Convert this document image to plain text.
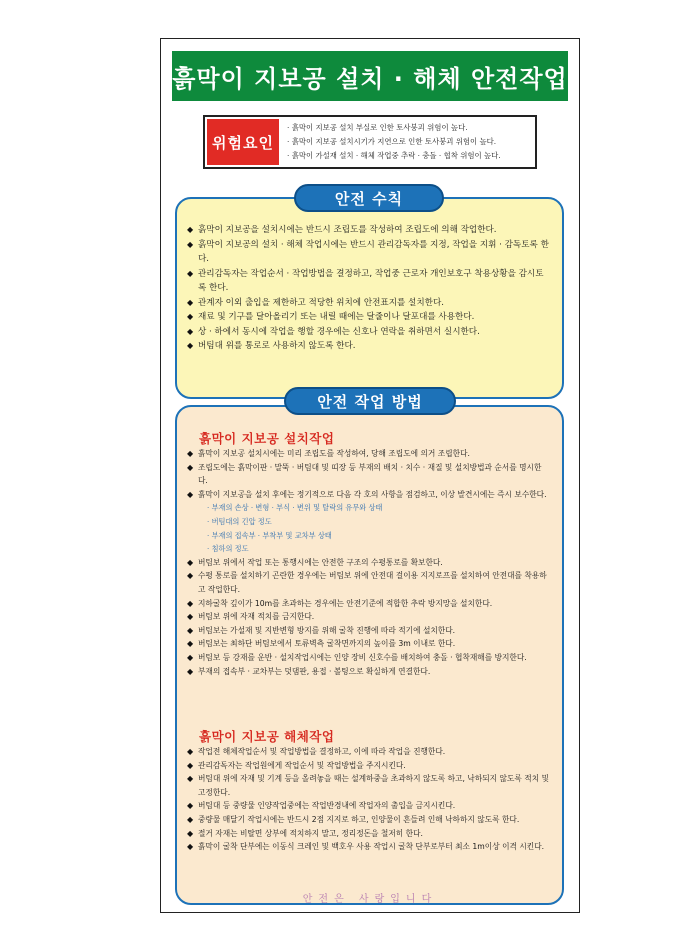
흙막이 지보공 설치 · 해체 안전작업
위험요인
· 흙막이 지보공 설치 부실로 인한 토사붕괴 위험이 높다.
· 흙막이 지보공 설치시기가 지연으로 인한 토사붕괴 위험이 높다.
· 흙막이 가설재 설치 · 해체 작업중 추락 · 충돌 · 협착 위험이 높다.
안전 수칙
◆ 흙막이 지보공을 설치시에는 반드시 조립도를 작성하여 조립도에 의해 작업한다.
◆ 흙막이 지보공의 설치 · 해체 작업시에는 반드시 관리감독자를 지정, 작업을 지휘 · 감독토록 한다.
◆ 관리감독자는 작업순서 · 작업방법을 결정하고, 작업중 근로자 개인보호구 착용상황을 감시토록 한다.
◆ 관계자 이외 출입을 제한하고 적당한 위치에 안전표지를 설치한다.
◆ 재료 및 기구를 달아올리기 또는 내릴 때에는 달줄이나 달포대를 사용한다.
◆ 상 · 하에서 동시에 작업을 행할 경우에는 신호나 연락을 취하면서 실시한다.
◆ 버팀대 위를 통로로 사용하지 않도록 한다.
안전 작업 방법
흙막이 지보공 설치작업
◆ 흙막이 지보공 설치시에는 미리 조립도를 작성하여, 당해 조립도에 의거 조립한다.
◆ 조립도에는 흙막이판 · 말뚝 · 버팀대 및 띠장 등 부재의 배치 · 치수 · 재질 및 설치방법과 순서를 명시한다.
◆ 흙막이 지보공을 설치 후에는 정기적으로 다음 각 호의 사항을 점검하고, 이상 발견시에는 즉시 보수한다.
· 부재의 손상 · 변형 · 부식 · 변위 및 탈락의 유무와 상태
· 버팀대의 긴압 정도
· 부재의 접속부 · 부착부 및 교차부 상태
· 침하의 정도
◆ 버팀보 위에서 작업 또는 통행시에는 안전한 구조의 수평통로를 확보한다.
◆ 수평 통로를 설치하기 곤란한 경우에는 버팀보 위에 안전대 걸이용 지지로프를 설치하여 안전대를 착용하고 작업한다.
◆ 지하굴착 깊이가 10m를 초과하는 경우에는 안전기준에 적합한 추락 방지망을 설치한다.
◆ 버팀보 위에 자재 적치를 금지한다.
◆ 버팀보는 가설재 및 지반변형 방지를 위해 굴착 진행에 따라 적기에 설치한다.
◆ 버팀보는 최하단 버팀보에서 토류벽측 굴착면까지의 높이를 3m 이내로 한다.
◆ 버팀보 등 강재를 운반 · 설치작업시에는 인양 장비 신호수를 배치하여 충돌 · 협착재해를 방지한다.
◆ 부재의 접속부 · 교차부는 덧댐판, 용접 · 볼팅으로 확실하게 연결한다.
흙막이 지보공 해체작업
◆ 작업전 해체작업순서 및 작업방법을 결정하고, 이에 따라 작업을 진행한다.
◆ 관리감독자는 작업원에게 작업순서 및 작업방법을 주지시킨다.
◆ 버팀대 위에 자재 및 기계 등을 올려놓을 때는 설계하중을 초과하지 않도록 하고, 낙하되지 않도록 적치 및 고정한다.
◆ 버팀대 등 중량물 인양작업중에는 작업반경내에 작업자의 출입을 금지시킨다.
◆ 중량물 매달기 작업시에는 반드시 2점 지지로 하고, 인양물이 흔들려 인해 낙하하지 않도록 한다.
◆ 절거 자재는 비탈면 상부에 적치하지 말고, 정리정돈을 철저히 한다.
◆ 흙막이 굴착 단부에는 이동식 크레인 및 백호우 사용 작업시 굴착 단부로부터 최소 1m이상 이격 시킨다.
안전은 사랑입니다
